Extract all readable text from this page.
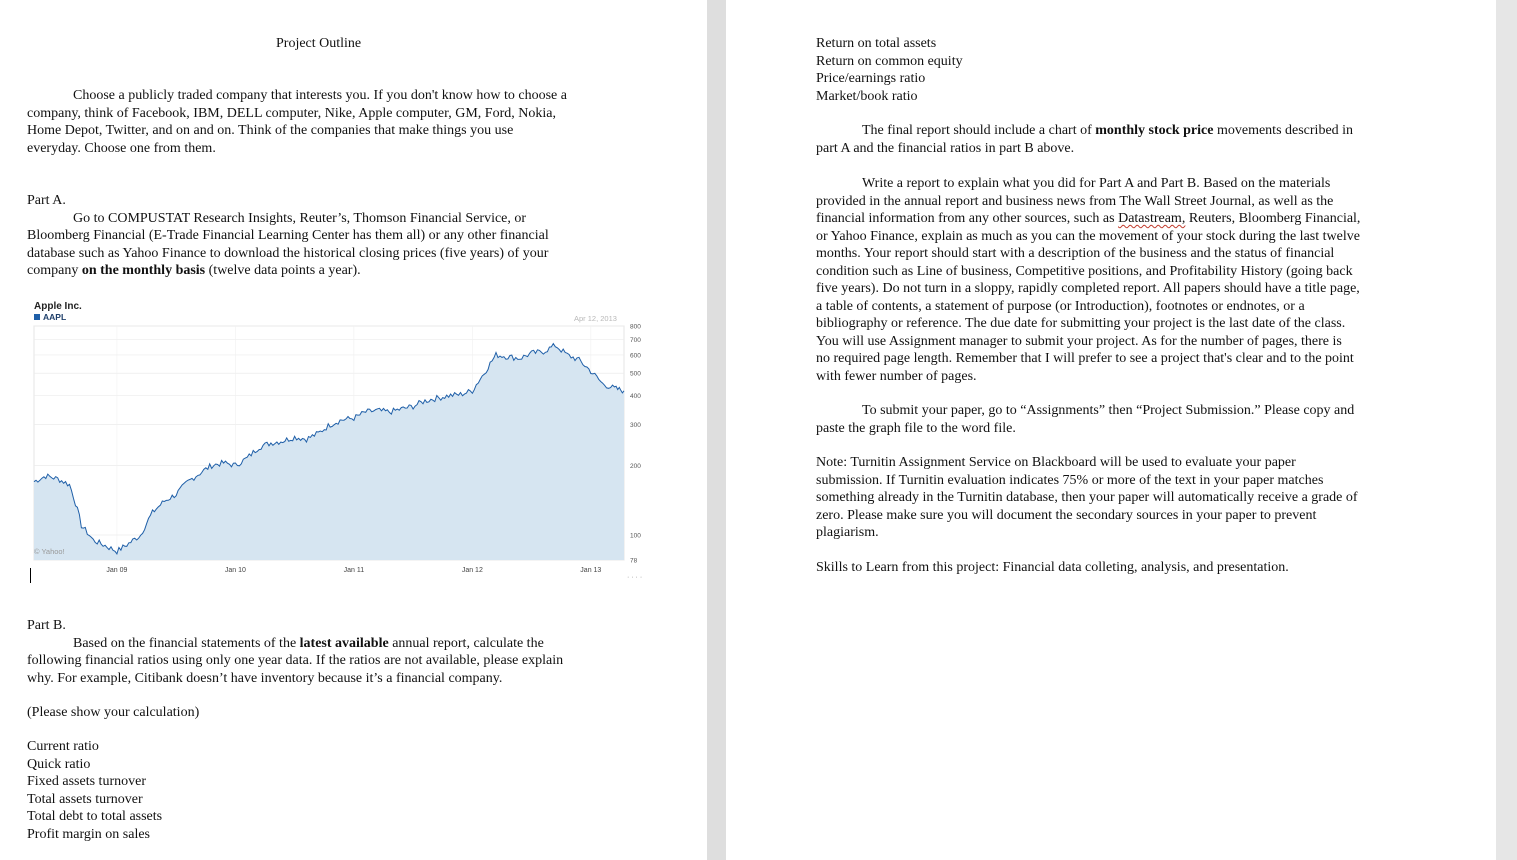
Project Outline

Choose a publicly traded company that interests you. If you don't know how to choose a

company, think of Facebook, IBM, DELL computer, Nike, Apple computer, GM, Ford, Nokia,

Home Depot, Twitter, and on and on. Think of the companies that make things you use

everyday. Choose one from them.

Part A.

Go to COMPUSTAT Research Insights, Reuter’s, Thomson Financial Service, or

Bloomberg Financial (E-Trade Financial Learning Center has them all) or any other financial

database such as Yahoo Finance to download the historical closing prices (five years) of your

company on the monthly basis (twelve data points a year).

Apple Inc.
AAPL	Apr 12, 2013
800
700
600
500
400
300
200
100
78
Jan 09	Jan 10	Jan 11	Jan 12	Jan 13
© Yahoo!
· · · ·

Part B.

Based on the financial statements of the latest available annual report, calculate the

following financial ratios using only one year data. If the ratios are not available, please explain

why. For example, Citibank doesn’t have inventory because it’s a financial company.

(Please show your calculation)

Current ratio

Quick ratio

Fixed assets turnover

Total assets turnover

Total debt to total assets

Profit margin on sales

Return on total assets

Return on common equity

Price/earnings ratio

Market/book ratio

The final report should include a chart of monthly stock price movements described in

part A and the financial ratios in part B above.

Write a report to explain what you did for Part A and Part B. Based on the materials

provided in the annual report and business news from The Wall Street Journal, as well as the

financial information from any other sources, such as Datastream, Reuters, Bloomberg Financial,

or Yahoo Finance, explain as much as you can the movement of your stock during the last twelve

months. Your report should start with a description of the business and the status of financial

condition such as Line of business, Competitive positions, and Profitability History (going back

five years). Do not turn in a sloppy, rapidly completed report. All papers should have a title page,

a table of contents, a statement of purpose (or Introduction), footnotes or endnotes, or a

bibliography or reference. The due date for submitting your project is the last date of the class.

You will use Assignment manager to submit your project. As for the number of pages, there is

no required page length. Remember that I will prefer to see a project that's clear and to the point

with fewer number of pages.

To submit your paper, go to “Assignments” then “Project Submission.” Please copy and

paste the graph file to the word file.

Note: Turnitin Assignment Service on Blackboard will be used to evaluate your paper

submission. If Turnitin evaluation indicates 75% or more of the text in your paper matches

something already in the Turnitin database, then your paper will automatically receive a grade of

zero. Please make sure you will document the secondary sources in your paper to prevent

plagiarism.

Skills to Learn from this project: Financial data colleting, analysis, and presentation.
